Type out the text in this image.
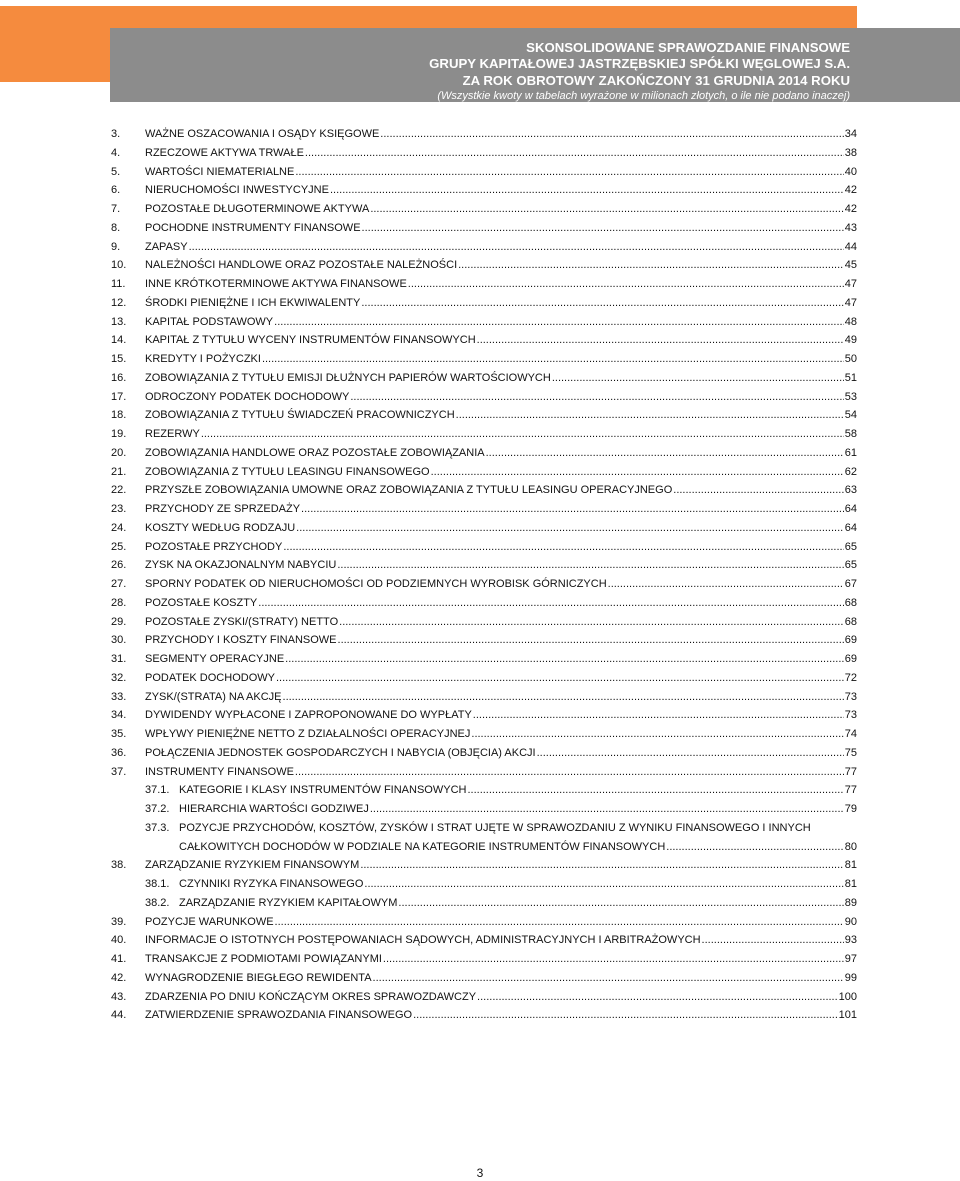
SKONSOLIDOWANE SPRAWOZDANIE FINANSOWE
GRUPY KAPITAŁOWEJ JASTRZĘBSKIEJ SPÓŁKI WĘGLOWEJ S.A.
ZA ROK OBROTOWY ZAKOŃCZONY 31 GRUDNIA 2014 ROKU
(Wszystkie kwoty w tabelach wyrażone w milionach złotych, o ile nie podano inaczej)
3.	WAŻNE OSZACOWANIA I OSĄDY KSIĘGOWE .....	34
4.	RZECZOWE AKTYWA TRWAŁE .....	38
5.	WARTOŚCI NIEMATERIALNE .....	40
6.	NIERUCHOMOŚCI INWESTYCYJNE .....	42
7.	POZOSTAŁE DŁUGOTERMINOWE AKTYWA .....	42
8.	POCHODNE INSTRUMENTY FINANSOWE .....	43
9.	ZAPASY .....	44
10.	NALEŻNOŚCI HANDLOWE ORAZ POZOSTAŁE NALEŻNOŚCI .....	45
11.	INNE KRÓTKOTERMINOWE AKTYWA FINANSOWE .....	47
12.	ŚRODKI PIENIĘŻNE I ICH EKWIWALENTY .....	47
13.	KAPITAŁ PODSTAWOWY .....	48
14.	KAPITAŁ Z TYTUŁU WYCENY INSTRUMENTÓW FINANSOWYCH .....	49
15.	KREDYTY I POŻYCZKI .....	50
16.	ZOBOWIĄZANIA Z TYTUŁU EMISJI DŁUŻNYCH PAPIERÓW WARTOŚCIOWYCH .....	51
17.	ODROCZONY PODATEK DOCHODOWY .....	53
18.	ZOBOWIĄZANIA Z TYTUŁU ŚWIADCZEŃ PRACOWNICZYCH .....	54
19.	REZERWY .....	58
20.	ZOBOWIĄZANIA HANDLOWE ORAZ POZOSTAŁE ZOBOWIĄZANIA .....	61
21.	ZOBOWIĄZANIA Z TYTUŁU LEASINGU FINANSOWEGO .....	62
22.	PRZYSZŁE ZOBOWIĄZANIA UMOWNE ORAZ ZOBOWIĄZANIA Z TYTUŁU LEASINGU OPERACYJNEGO .....	63
23.	PRZYCHODY ZE SPRZEDAŻY .....	64
24.	KOSZTY WEDŁUG RODZAJU .....	64
25.	POZOSTAŁE PRZYCHODY .....	65
26.	ZYSK NA OKAZJONALNYM NABYCIU .....	65
27.	SPORNY PODATEK OD NIERUCHOMOŚCI OD PODZIEMNYCH WYROBISK GÓRNICZYCH .....	67
28.	POZOSTAŁE KOSZTY .....	68
29.	POZOSTAŁE ZYSKI/(STRATY) NETTO .....	68
30.	PRZYCHODY I KOSZTY FINANSOWE .....	69
31.	SEGMENTY OPERACYJNE .....	69
32.	PODATEK DOCHODOWY .....	72
33.	ZYSK/(STRATA) NA AKCJĘ .....	73
34.	DYWIDENDY WYPŁACONE I ZAPROPONOWANE DO WYPŁATY .....	73
35.	WPŁYWY PIENIĘŻNE NETTO Z DZIAŁALNOŚCI OPERACYJNEJ .....	74
36.	POŁĄCZENIA JEDNOSTEK GOSPODARCZYCH I NABYCIA (OBJĘCIA) AKCJI .....	75
37.	INSTRUMENTY FINANSOWE .....	77
37.1. KATEGORIE I KLASY INSTRUMENTÓW FINANSOWYCH .....	77
37.2. HIERARCHIA WARTOŚCI GODZIWEJ .....	79
37.3. POZYCJE PRZYCHODÓW, KOSZTÓW, ZYSKÓW I STRAT UJĘTE W SPRAWOZDANIU Z WYNIKU FINANSOWEGO I INNYCH
CAŁKOWITYCH DOCHODÓW W PODZIALE NA KATEGORIE INSTRUMENTÓW FINANSOWYCH .....	80
38.	ZARZĄDZANIE RYZYKIEM FINANSOWYM .....	81
38.1. CZYNNIKI RYZYKA FINANSOWEGO .....	81
38.2. ZARZĄDZANIE RYZYKIEM KAPITAŁOWYM .....	89
39.	POZYCJE WARUNKOWE .....	90
40.	INFORMACJE O ISTOTNYCH POSTĘPOWANIACH SĄDOWYCH, ADMINISTRACYJNYCH I ARBITRAŻOWYCH .....	93
41.	TRANSAKCJE Z PODMIOTAMI POWIĄZANYMI .....	97
42.	WYNAGRODZENIE BIEGŁEGO REWIDENTA .....	99
43.	ZDARZENIA PO DNIU KOŃCZĄCYM OKRES SPRAWOZDAWCZY .....	100
44.	ZATWIERDZENIE SPRAWOZDANIA FINANSOWEGO .....	101
3
